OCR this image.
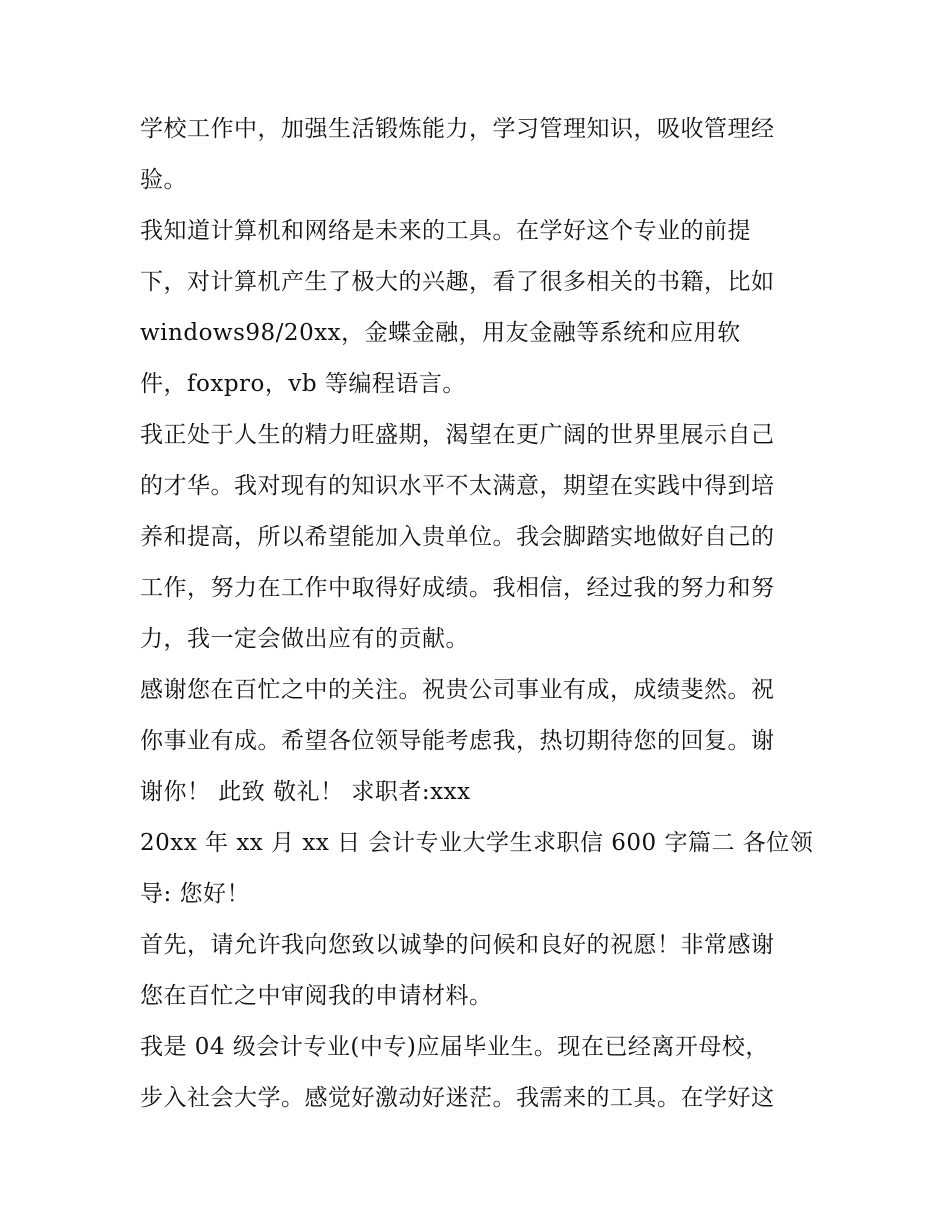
学校工作中，加强生活锻炼能力，学习管理知识，吸收管理经
验。
我知道计算机和网络是未来的工具。在学好这个专业的前提
下，对计算机产生了极大的兴趣，看了很多相关的书籍，比如
windows98/20xx，金蝶金融，用友金融等系统和应用软
件，foxpro，vb 等编程语言。
我正处于人生的精力旺盛期，渴望在更广阔的世界里展示自己
的才华。我对现有的知识水平不太满意，期望在实践中得到培
养和提高，所以希望能加入贵单位。我会脚踏实地做好自己的
工作，努力在工作中取得好成绩。我相信，经过我的努力和努
力，我一定会做出应有的贡献。
感谢您在百忙之中的关注。祝贵公司事业有成，成绩斐然。祝
你事业有成。希望各位领导能考虑我，热切期待您的回复。谢
谢你！ 此致 敬礼！ 求职者:xxx
20xx 年 xx 月 xx 日 会计专业大学生求职信 600 字篇二 各位领
导: 您好！
首先，请允许我向您致以诚挚的问候和良好的祝愿！非常感谢
您在百忙之中审阅我的申请材料。
我是 04 级会计专业(中专)应届毕业生。现在已经离开母校，
步入社会大学。感觉好激动好迷茫。我需来的工具。在学好这
